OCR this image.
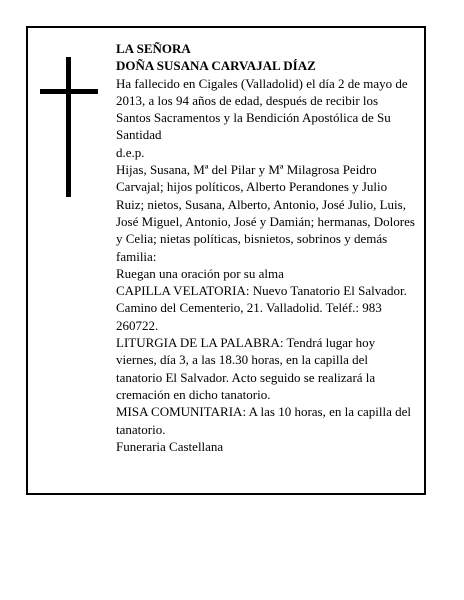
LA SEÑORA

DOÑA SUSANA CARVAJAL DÍAZ

Ha fallecido en Cigales (Valladolid) el día 2 de mayo de 2013, a los 94 años de edad, después de recibir los Santos Sacramentos y la Bendición Apostólica de Su Santidad

d.e.p.

Hijas, Susana, Mª del Pilar y Mª Milagrosa Peidro Carvajal; hijos políticos, Alberto Perandones y Julio Ruiz; nietos, Susana, Alberto, Antonio, José Julio, Luis, José Miguel, Antonio, José y Damián; hermanas, Dolores y Celia; nietas políticas, bisnietos, sobrinos y demás familia:

Ruegan una oración por su alma

CAPILLA VELATORIA: Nuevo Tanatorio El Salvador. Camino del Cementerio, 21. Valladolid. Teléf.: 983 260722.

LITURGIA DE LA PALABRA: Tendrá lugar hoy viernes, día 3, a las 18.30 horas, en la capilla del tanatorio El Salvador. Acto seguido se realizará la cremación en dicho tanatorio.

MISA COMUNITARIA: A las 10 horas, en la capilla del tanatorio.

Funeraria Castellana
